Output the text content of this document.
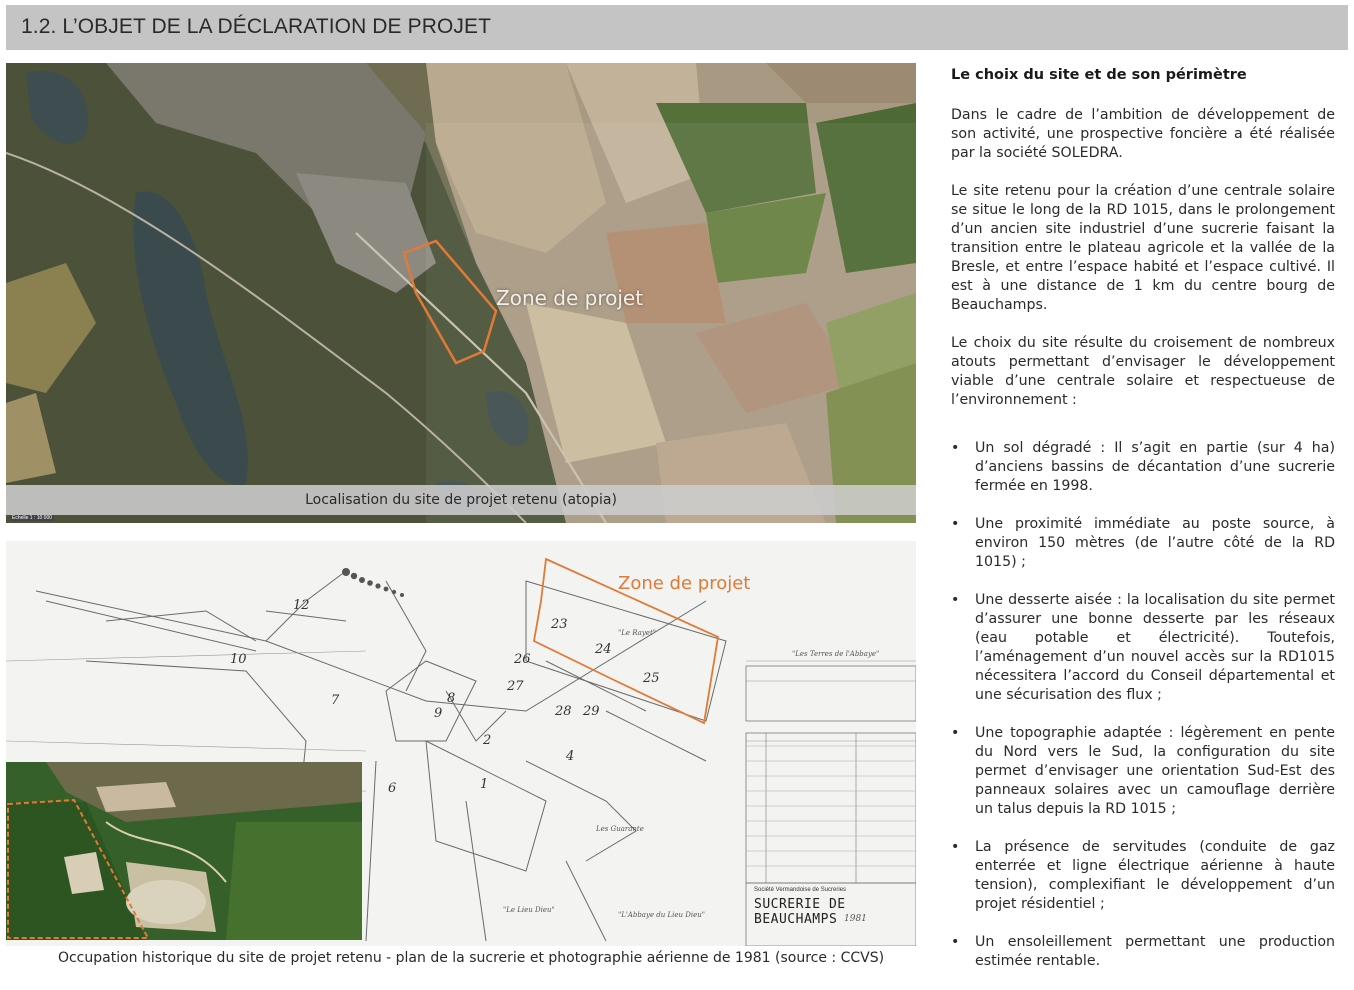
1.2. L’OBJET DE LA DÉCLARATION DE PROJET
Zone de projet
Localisation du site de projet retenu (atopia)
Echelle 1 : 10 000
Zone de projet
12
10
7
26
24
25
23
27
8
9	28 29
2
4
1
6
"Le Rayet"
"Les Terres de l'Abbaye"
Les Guarante
"Le Lieu Dieu"
"L'Abbaye du Lieu Dieu"
Société Vermandoise de Sucreries
SUCRERIE DE BEAUCHAMPS 1981
Occupation historique du site de projet retenu - plan de la sucrerie et photographie aérienne de 1981 (source : CCVS)
Le choix du site et de son périmètre

Dans le cadre de l’ambition de développement de son activité, une prospective foncière a été réalisée par la société SOLEDRA.

Le site retenu pour la création d’une centrale solaire se situe le long de la RD 1015, dans le prolongement d’un ancien site industriel d’une sucrerie faisant la transition entre le plateau agricole et la vallée de la Bresle, et entre l’espace habité et l’espace cultivé. Il est à une distance de 1 km du centre bourg de Beauchamps.

Le choix du site résulte du croisement de nombreux atouts permettant d’envisager le développement viable d’une centrale solaire et respectueuse de l’environnement :

• Un sol dégradé : Il s’agit en partie (sur 4 ha) d’anciens bassins de décantation d’une sucrerie fermée en 1998.
• Une proximité immédiate au poste source, à environ 150 mètres (de l’autre côté de la RD 1015) ;
• Une desserte aisée : la localisation du site permet d’assurer une bonne desserte par les réseaux (eau potable et électricité). Toutefois, l’aménagement d’un nouvel accès sur la RD1015 nécessitera l’accord du Conseil départemental et une sécurisation des flux ;
• Une topographie adaptée : légèrement en pente du Nord vers le Sud, la configuration du site permet d’envisager une orientation Sud-Est des panneaux solaires avec un camouflage derrière un talus depuis la RD 1015 ;
• La présence de servitudes (conduite de gaz enterrée et ligne électrique aérienne à haute tension), complexifiant le développement d’un projet résidentiel ;
• Un ensoleillement permettant une production estimée rentable.
